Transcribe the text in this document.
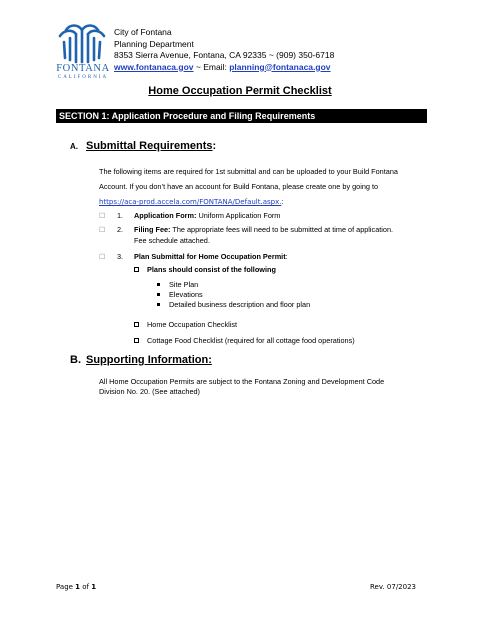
FONTANA
CALIFORNIA
City of Fontana
Planning Department
8353 Sierra Avenue, Fontana, CA 92335 ~ (909) 350-6718
www.fontanaca.gov ~ Email: planning@fontanaca.gov
Home Occupation Permit Checklist
SECTION 1: Application Procedure and Filing Requirements
A. Submittal Requirements:
The following items are required for 1st submittal and can be uploaded to your Build Fontana
Account. If you don’t have an account for Build Fontana, please create one by going to
https://aca-prod.accela.com/FONTANA/Default.aspx.:
☐ 1. Application Form: Uniform Application Form
☐ 2. Filing Fee: The appropriate fees will need to be submitted at time of application.
Fee schedule attached.
☐ 3. Plan Submittal for Home Occupation Permit:
Plans should consist of the following
Site Plan
Elevations
Detailed business description and floor plan
Home Occupation Checklist
Cottage Food Checklist (required for all cottage food operations)
B. Supporting Information:
All Home Occupation Permits are subject to the Fontana Zoning and Development Code
Division No. 20. (See attached)
Page 1 of 1	Rev. 07/2023
